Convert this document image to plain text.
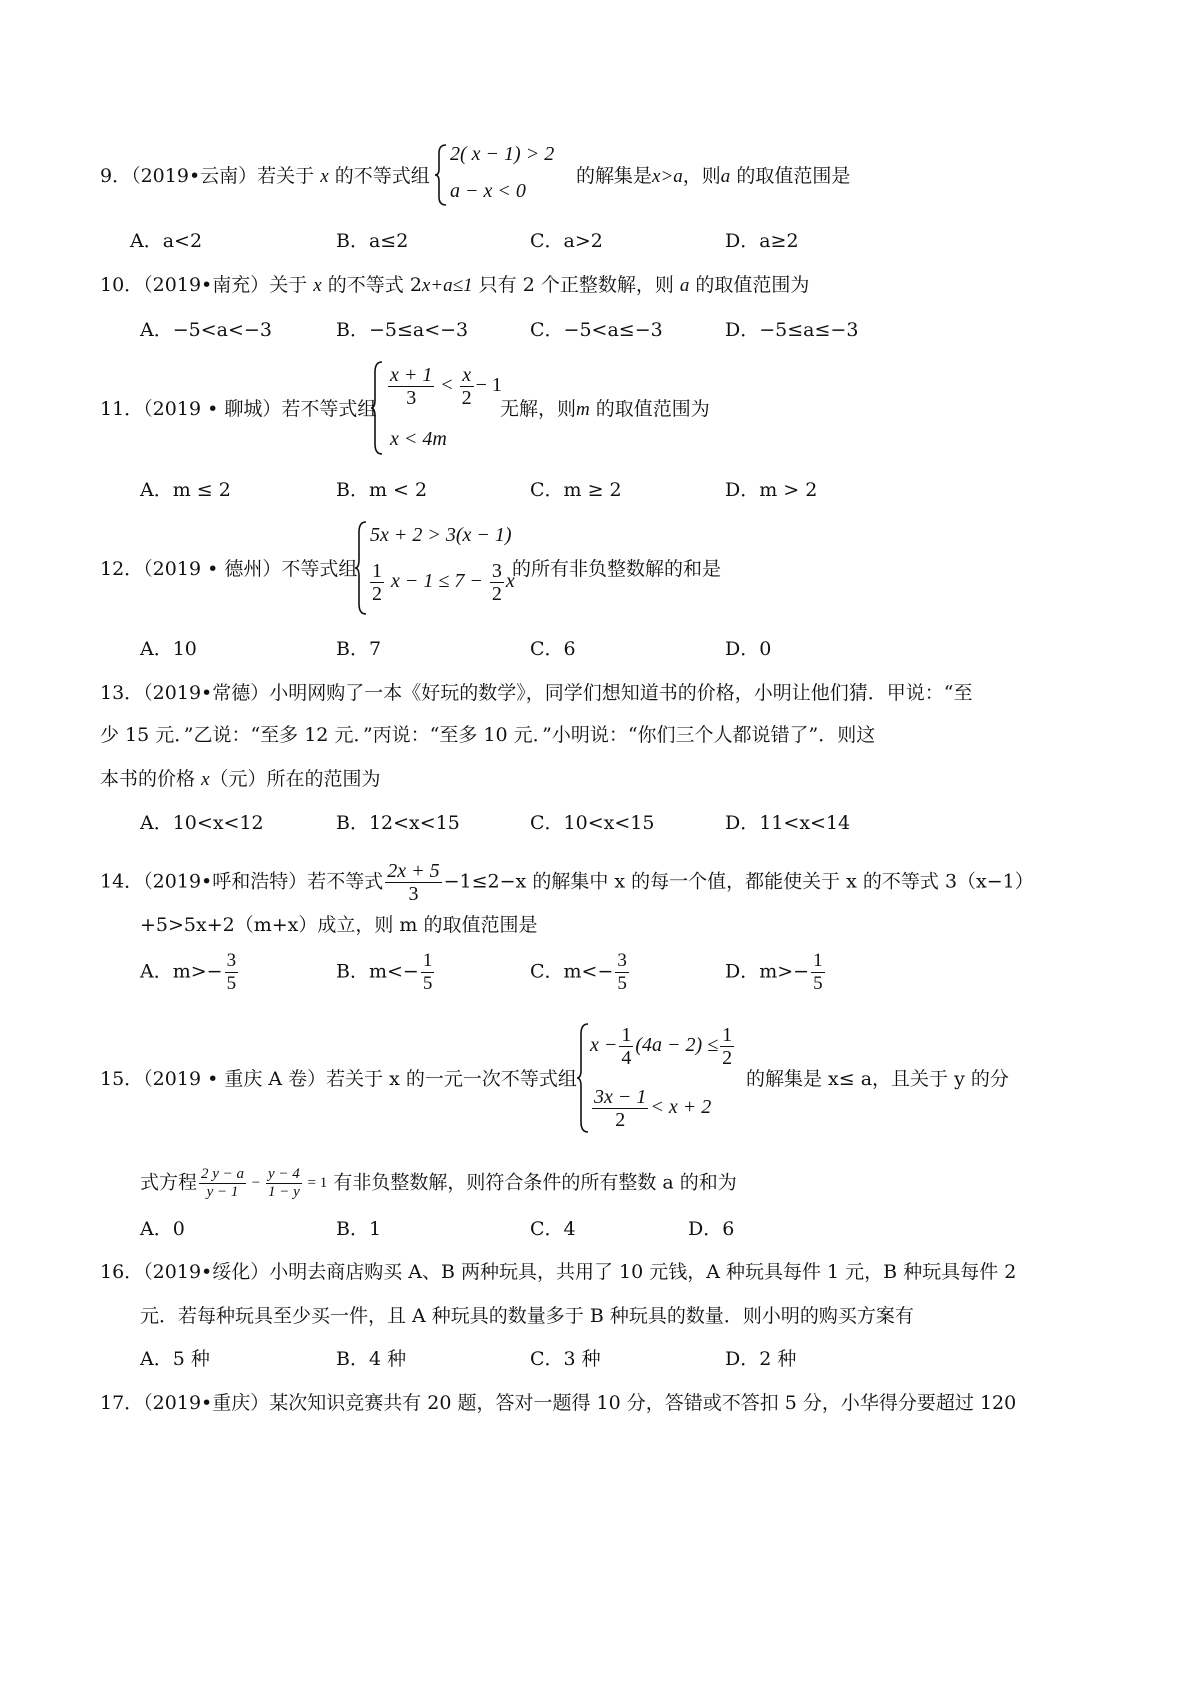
9．（2019•云南）若关于 x 的不等式组
2( x − 1) > 2
a − x < 0
的解集是x>a，则a 的取值范围是
A．a<2	B．a≤2	C．a>2	D．a≥2
10．（2019•南充）关于 x 的不等式 2x+a≤1 只有 2 个正整数解，则 a 的取值范围为
A．−5<a<−3	B．−5≤a<−3	C．−5<a≤−3	D．−5≤a≤−3
11．（2019 • 聊城）若不等式组 $\frac{x + 1}{3} < \frac{x}{2} - 1$
x < 4m
无解，则m 的取值范围为
A．m ≤ 2	B．m < 2	C．m ≥ 2	D．m > 2
12．（2019 • 德州）不等式组
5x + 2 > 3(x − 1)
$\frac{1}{2}$ $x - 1 \le 7 - \frac{3}{2}$ x
的所有非负整数解的和是
A．10	B．7	C．6	D．0
13．（2019•常德）小明网购了一本《好玩的数学》，同学们想知道书的价格，小明让他们猜．甲说：“至
少 15 元．”乙说：“至多 12 元．”丙说：“至多 10 元．”小明说：“你们三个人都说错了”．则这
本书的价格 x（元）所在的范围为
A．10<x<12	B．12<x<15	C．10<x<15	D．11<x<14
14．（2019•呼和浩特）若不等式 $\frac{2x + 5}{3} -1\le 2-x$ 的解集中 x 的每一个值，都能使关于 x 的不等式 3（x−1）
+5>5x+2（m+x）成立，则 m 的取值范围是
A．$m>- \frac{3}{5}$	B．$m<- \frac{1}{5}$	C．$m<- \frac{3}{5}$	D．$m>- \frac{1}{5}$
15．（2019 • 重庆 A 卷）若关于 x 的一元一次不等式组
$x - \frac{1}{4} (4a - 2) \le \frac{1}{2}$
$\frac{3x - 1}{2} < x + 2$
的解集是 x≤ a，且关于 y 的分
式方程 $\frac{2 y - a}{y - 1} - \frac{y - 4}{1 - y} = 1$ 有非负整数解，则符合条件的所有整数 a 的和为
A．0	B．1	C．4	D．6
16．（2019•绥化）小明去商店购买 A、B 两种玩具，共用了 10 元钱，A 种玩具每件 1 元，B 种玩具每件 2
元．若每种玩具至少买一件，且 A 种玩具的数量多于 B 种玩具的数量．则小明的购买方案有
A．5 种	B．4 种	C．3 种	D．2 种
17．（2019•重庆）某次知识竞赛共有 20 题，答对一题得 10 分，答错或不答扣 5 分，小华得分要超过 120
